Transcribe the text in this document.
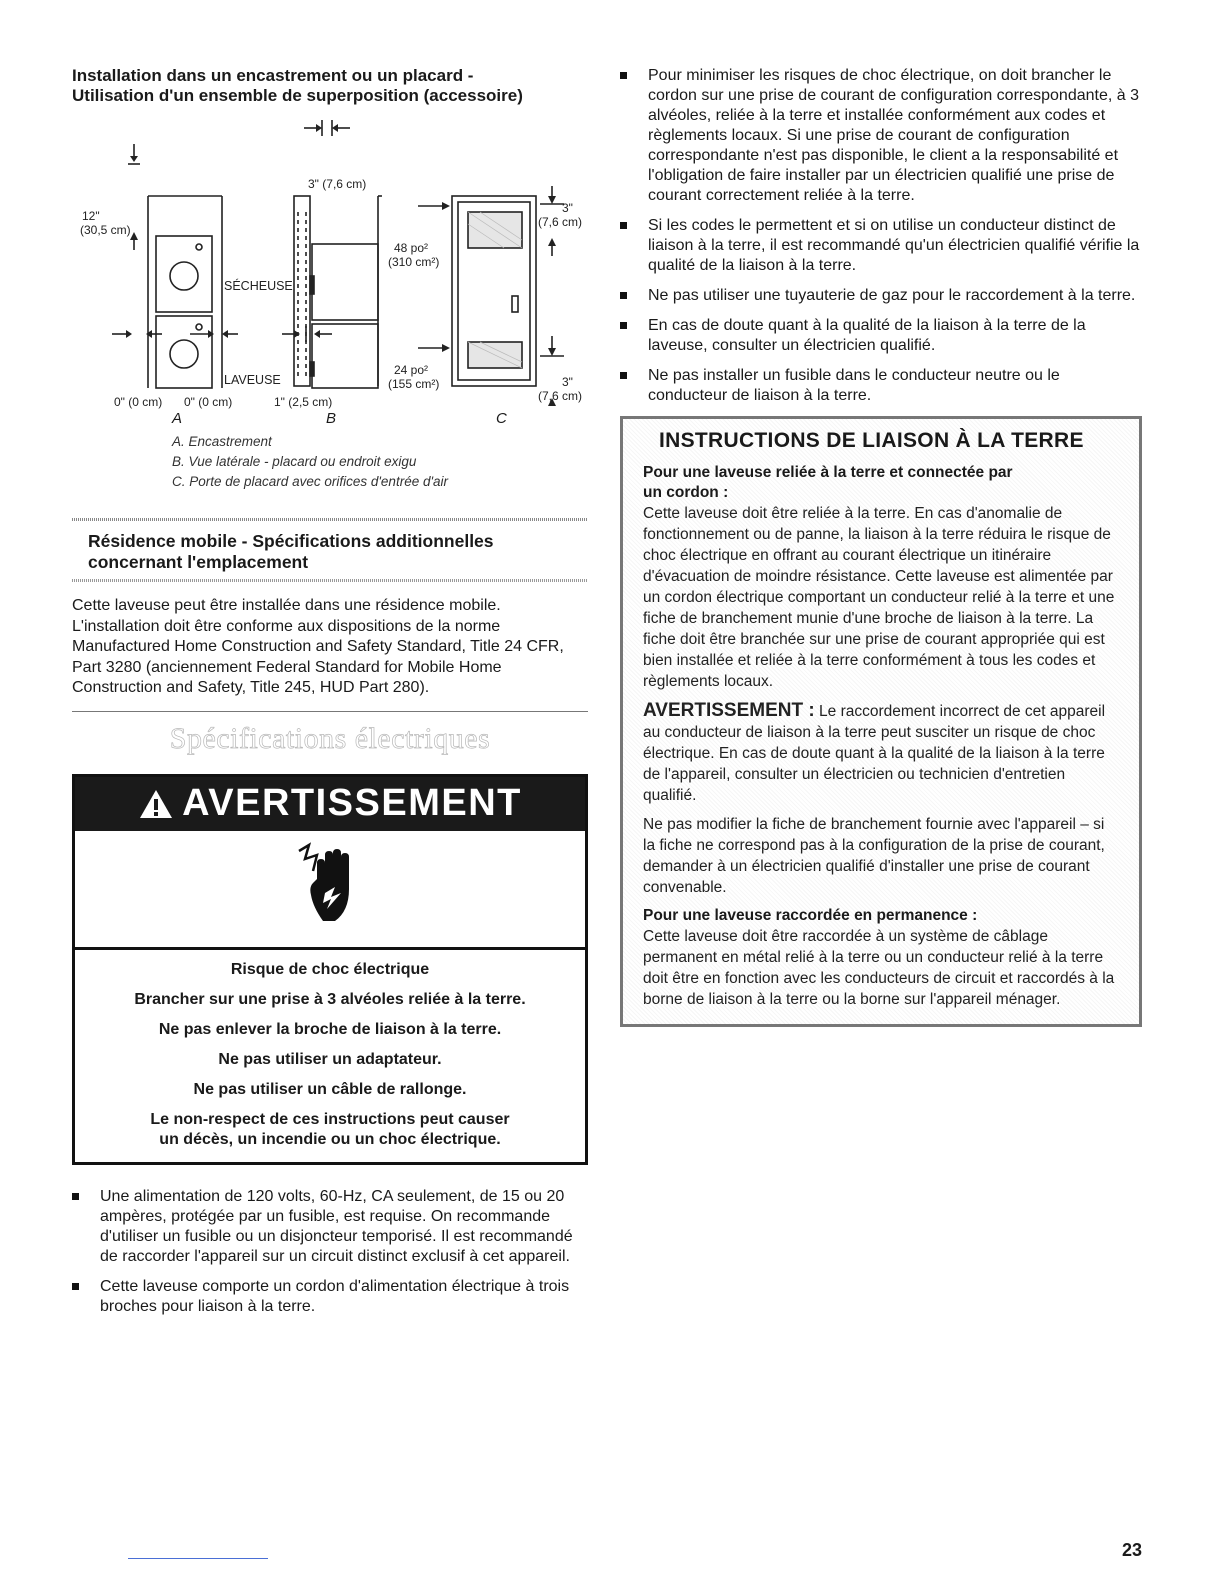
Installation dans un encastrement ou un placard -
Utilisation d'un ensemble de superposition (accessoire)

12"
(30,5 cm)
SÉCHEUSE
LAVEUSE
3" (7,6 cm)
48 po²
(310 cm²)
24 po²
(155 cm²)
3"
(7,6 cm)
3"
(7,6 cm)
0" (0 cm) 0" (0 cm)	1" (2,5 cm)
A	B	C
A. Encastrement
B. Vue latérale - placard ou endroit exigu
C. Porte de placard avec orifices d'entrée d'air

Résidence mobile - Spécifications additionnelles
concernant l'emplacement

Cette laveuse peut être installée dans une résidence mobile. L'installation doit être conforme aux dispositions de la norme Manufactured Home Construction and Safety Standard, Title 24 CFR, Part 3280 (anciennement Federal Standard for Mobile Home Construction and Safety, Title 245, HUD Part 280).

Spécifications électriques
AVERTISSEMENT

Risque de choc électrique

Brancher sur une prise à 3 alvéoles reliée à la terre.

Ne pas enlever la broche de liaison à la terre.

Ne pas utiliser un adaptateur.

Ne pas utiliser un câble de rallonge.

Le non-respect de ces instructions peut causer
un décès, un incendie ou un choc électrique.

Une alimentation de 120 volts, 60-Hz, CA seulement, de 15 ou 20 ampères, protégée par un fusible, est requise. On recommande d'utiliser un fusible ou un disjoncteur temporisé. Il est recommandé de raccorder l'appareil sur un circuit distinct exclusif à cet appareil.
Cette laveuse comporte un cordon d'alimentation électrique à trois broches pour liaison à la terre.
Pour minimiser les risques de choc électrique, on doit brancher le cordon sur une prise de courant de configuration correspondante, à 3 alvéoles, reliée à la terre et installée conformément aux codes et règlements locaux. Si une prise de courant de configuration correspondante n'est pas disponible, le client a la responsabilité et l'obligation de faire installer par un électricien qualifié une prise de courant correctement reliée à la terre.
Si les codes le permettent et si on utilise un conducteur distinct de liaison à la terre, il est recommandé qu'un électricien qualifié vérifie la qualité de la liaison à la terre.
Ne pas utiliser une tuyauterie de gaz pour le raccordement à la terre.
En cas de doute quant à la qualité de la liaison à la terre de la laveuse, consulter un électricien qualifié.
Ne pas installer un fusible dans le conducteur neutre ou le conducteur de liaison à la terre.
INSTRUCTIONS DE LIAISON À LA TERRE

Pour une laveuse reliée à la terre et connectée par
un cordon :

Cette laveuse doit être reliée à la terre. En cas d'anomalie de fonctionnement ou de panne, la liaison à la terre réduira le risque de choc électrique en offrant au courant électrique un itinéraire d'évacuation de moindre résistance. Cette laveuse est alimentée par un cordon électrique comportant un conducteur relié à la terre et une fiche de branchement munie d'une broche de liaison à la terre. La fiche doit être branchée sur une prise de courant appropriée qui est bien installée et reliée à la terre conformément à tous les codes et règlements locaux.

AVERTISSEMENT : Le raccordement incorrect de cet appareil au conducteur de liaison à la terre peut susciter un risque de choc électrique. En cas de doute quant à la qualité de la liaison à la terre de l'appareil, consulter un électricien ou technicien d'entretien qualifié.

Ne pas modifier la fiche de branchement fournie avec l'appareil – si la fiche ne correspond pas à la configuration de la prise de courant, demander à un électricien qualifié d'installer une prise de courant convenable.

Pour une laveuse raccordée en permanence :

Cette laveuse doit être raccordée à un système de câblage permanent en métal relié à la terre ou un conducteur relié à la terre doit être en fonction avec les conducteurs de circuit et raccordés à la borne de liaison à la terre ou la borne sur l'appareil ménager.

23
